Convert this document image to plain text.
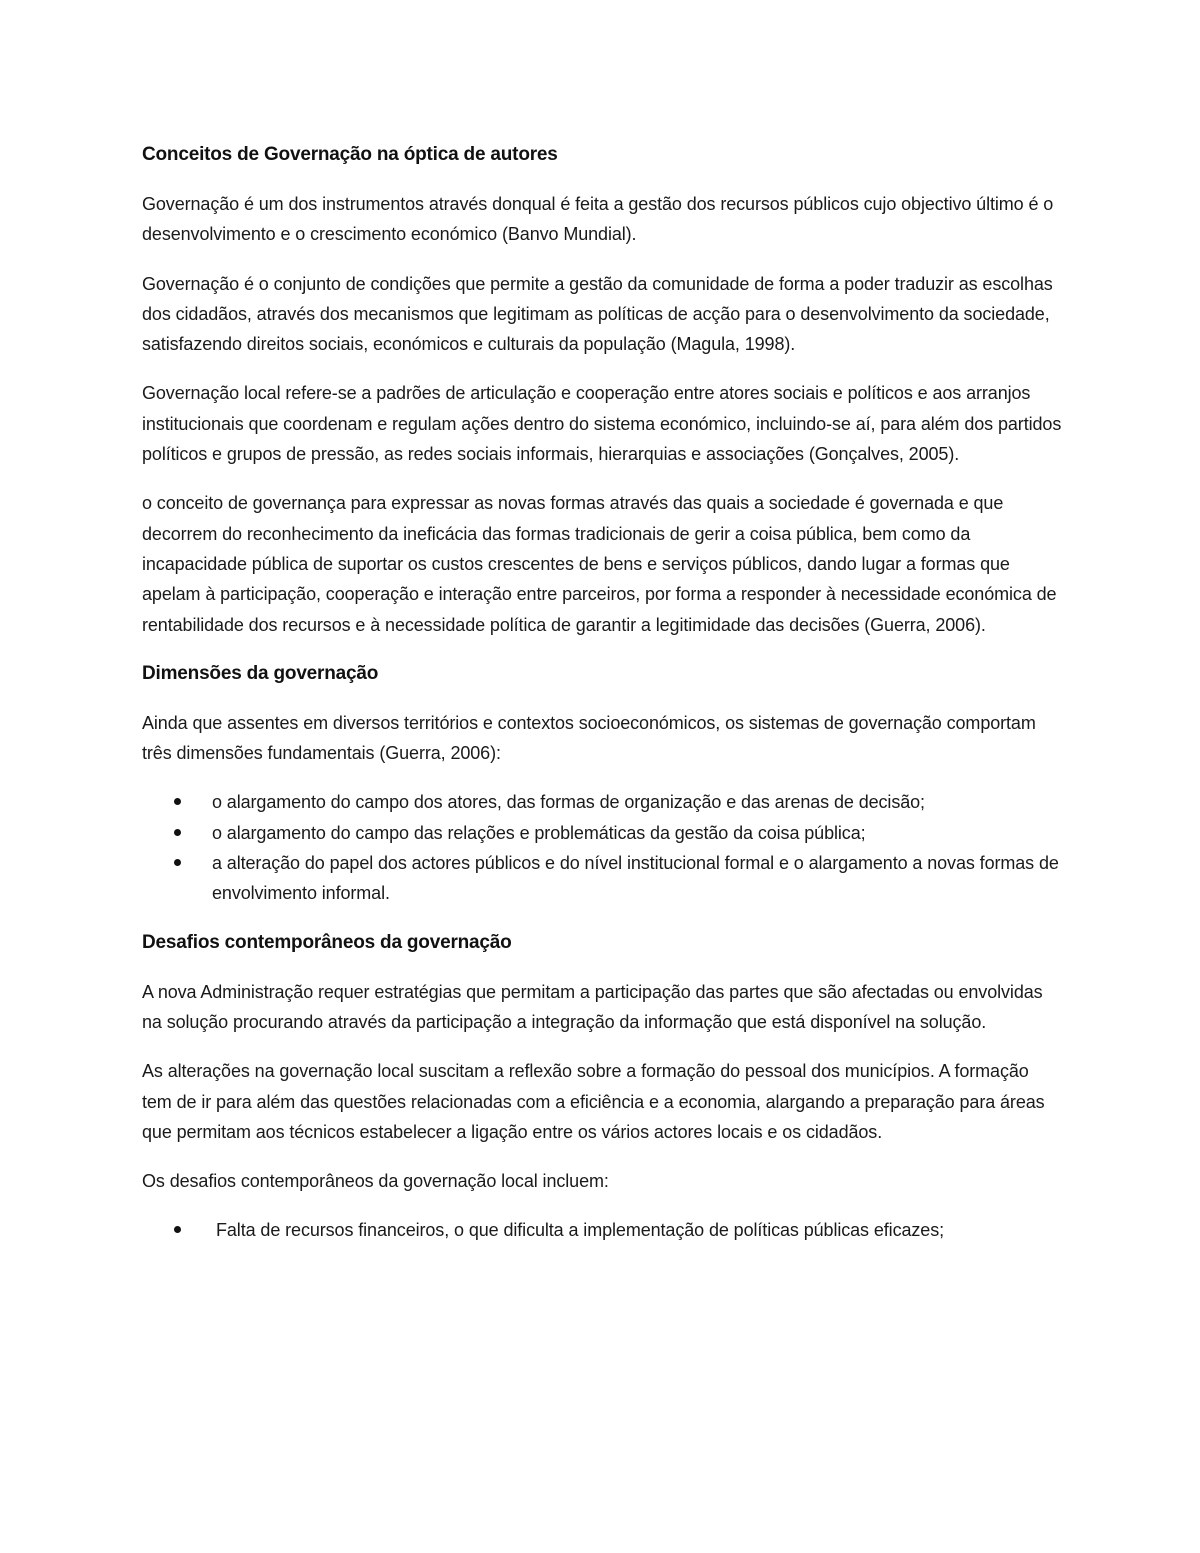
Conceitos de Governação na óptica de autores
Governação é um dos instrumentos através donqual é feita a gestão dos recursos públicos cujo objectivo último é o desenvolvimento e o crescimento económico (Banvo Mundial).
Governação é o conjunto de condições que permite a gestão da comunidade de forma a poder traduzir as escolhas dos cidadãos, através dos mecanismos que legitimam as políticas de acção para o desenvolvimento da sociedade, satisfazendo direitos sociais, económicos e culturais da população (Magula, 1998).
Governação local refere-se a padrões de articulação e cooperação entre atores sociais e políticos e aos arranjos institucionais que coordenam e regulam ações dentro do sistema económico, incluindo-se aí, para além dos partidos políticos e grupos de pressão, as redes sociais informais, hierarquias e associações (Gonçalves, 2005).
o conceito de governança para expressar as novas formas através das quais a sociedade é governada e que decorrem do reconhecimento da ineficácia das formas tradicionais de gerir a coisa pública, bem como da incapacidade pública de suportar os custos crescentes de bens e serviços públicos, dando lugar a formas que apelam à participação, cooperação e interação entre parceiros, por forma a responder à necessidade económica de rentabilidade dos recursos e à necessidade política de garantir a legitimidade das decisões (Guerra, 2006).
Dimensões da governação
Ainda que assentes em diversos territórios e contextos socioeconómicos, os sistemas de governação comportam três dimensões fundamentais (Guerra, 2006):
o alargamento do campo dos atores, das formas de organização e das arenas de decisão;
o alargamento do campo das relações e problemáticas da gestão da coisa pública;
a alteração do papel dos actores públicos e do nível institucional formal e o alargamento a novas formas de envolvimento informal.
Desafios contemporâneos da governação
A nova Administração requer estratégias que permitam a participação das partes que são afectadas ou envolvidas na solução procurando através da participação a integração da informação que está disponível na solução.
As alterações na governação local suscitam a reflexão sobre a formação do pessoal dos municípios. A formação tem de ir para além das questões relacionadas com a eficiência e a economia, alargando a preparação para áreas que permitam aos técnicos estabelecer a ligação entre os vários actores locais e os cidadãos.
Os desafios contemporâneos da governação local incluem:
Falta de recursos financeiros, o que dificulta a implementação de políticas públicas eficazes;
